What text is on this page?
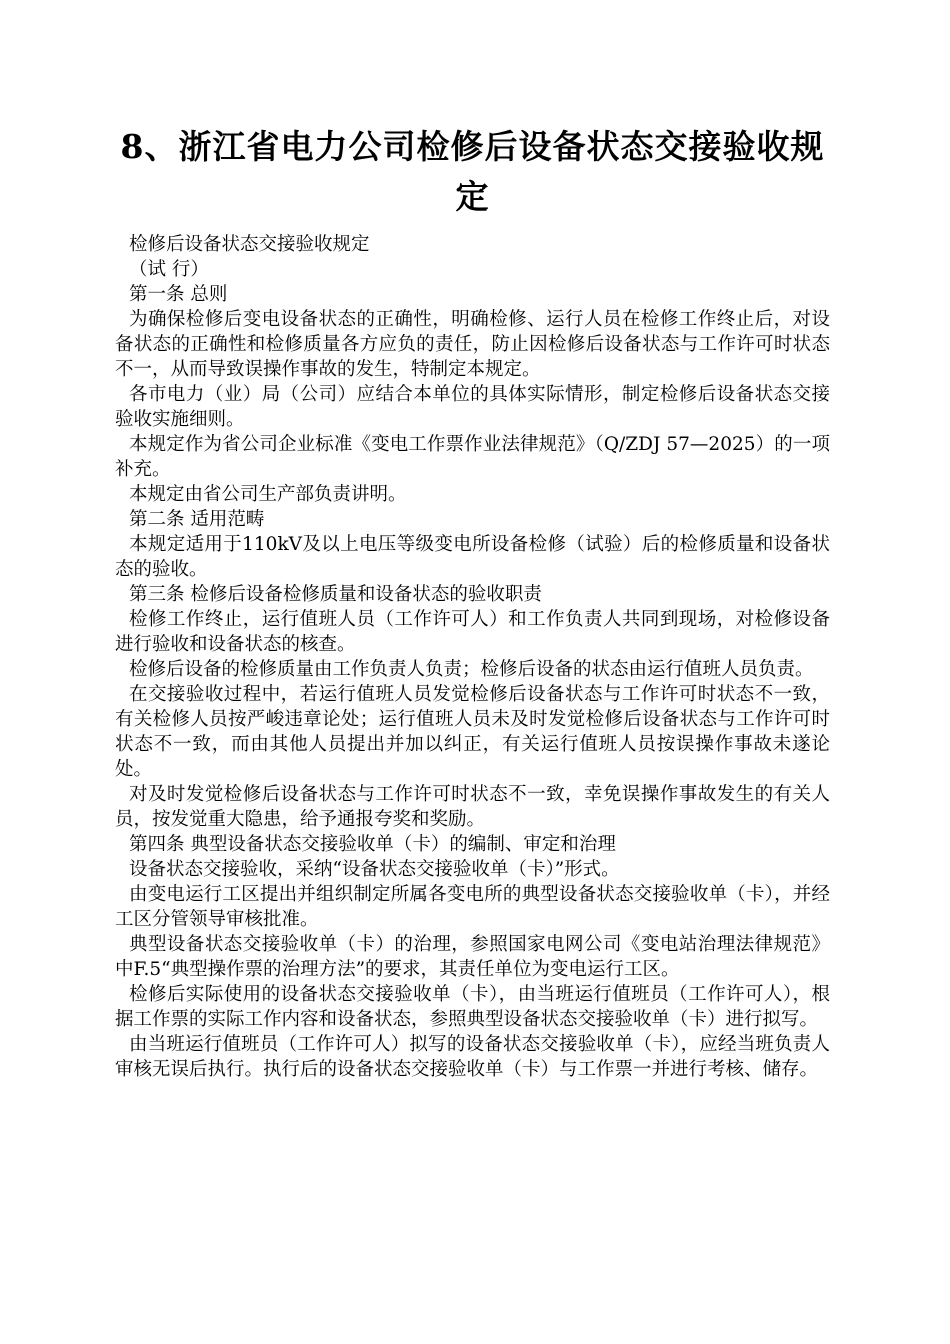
8、浙江省电力公司检修后设备状态交接验收规定

检修后设备状态交接验收规定

（试 行）

第一条 总则

为确保检修后变电设备状态的正确性，明确检修、运行人员在检修工作终止后，对设备状态的正确性和检修质量各方应负的责任，防止因检修后设备状态与工作许可时状态不一，从而导致误操作事故的发生，特制定本规定。

各市电力（业）局（公司）应结合本单位的具体实际情形，制定检修后设备状态交接验收实施细则。

本规定作为省公司企业标准《变电工作票作业法律规范》（Q/ZDJ 57—2025）的一项补充。

本规定由省公司生产部负责讲明。

第二条 适用范畴

本规定适用于110kV及以上电压等级变电所设备检修（试验）后的检修质量和设备状态的验收。

第三条 检修后设备检修质量和设备状态的验收职责

检修工作终止，运行值班人员（工作许可人）和工作负责人共同到现场，对检修设备进行验收和设备状态的核查。

检修后设备的检修质量由工作负责人负责；检修后设备的状态由运行值班人员负责。

在交接验收过程中，若运行值班人员发觉检修后设备状态与工作许可时状态不一致，有关检修人员按严峻违章论处；运行值班人员未及时发觉检修后设备状态与工作许可时状态不一致，而由其他人员提出并加以纠正，有关运行值班人员按误操作事故未遂论处。

对及时发觉检修后设备状态与工作许可时状态不一致，幸免误操作事故发生的有关人员，按发觉重大隐患，给予通报夸奖和奖励。

第四条 典型设备状态交接验收单（卡）的编制、审定和治理

设备状态交接验收，采纳“设备状态交接验收单（卡）”形式。

由变电运行工区提出并组织制定所属各变电所的典型设备状态交接验收单（卡），并经工区分管领导审核批准。

典型设备状态交接验收单（卡）的治理，参照国家电网公司《变电站治理法律规范》中F.5“典型操作票的治理方法”的要求，其责任单位为变电运行工区。

检修后实际使用的设备状态交接验收单（卡），由当班运行值班员（工作许可人），根据工作票的实际工作内容和设备状态，参照典型设备状态交接验收单（卡）进行拟写。

由当班运行值班员（工作许可人）拟写的设备状态交接验收单（卡），应经当班负责人审核无误后执行。执行后的设备状态交接验收单（卡）与工作票一并进行考核、储存。
